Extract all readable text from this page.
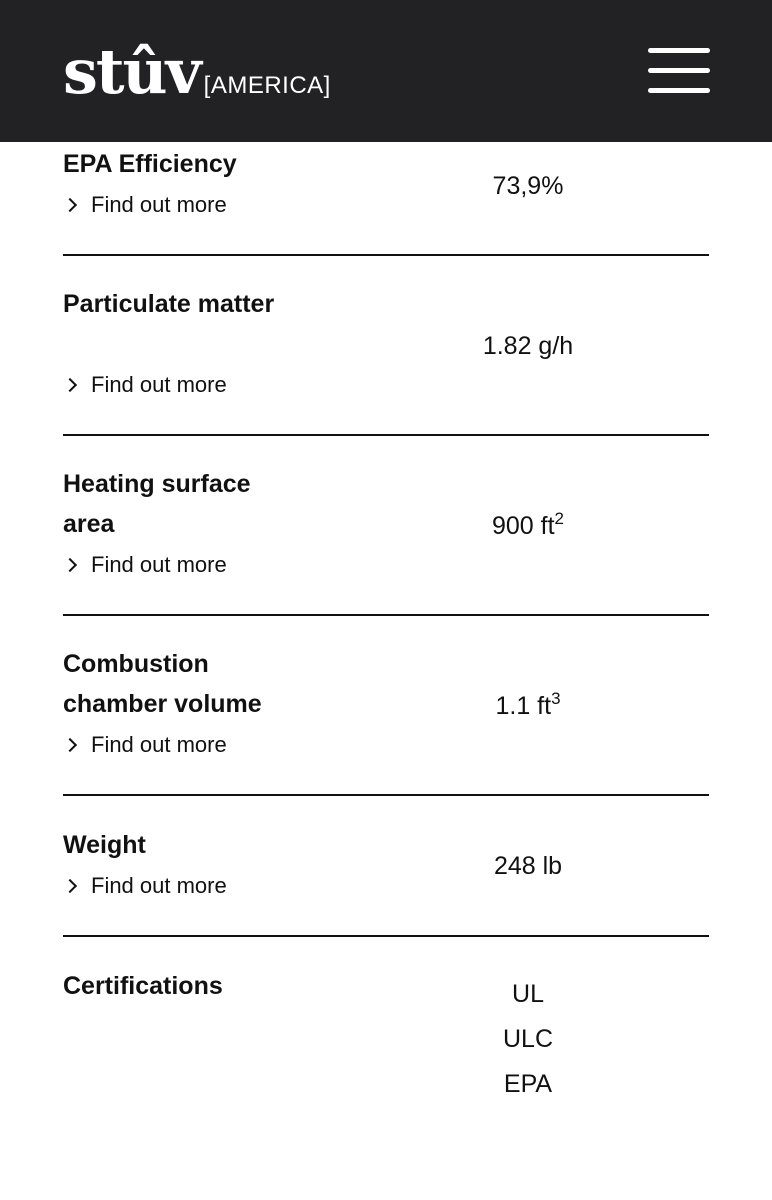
stûv [AMERICA]
EPA Efficiency
Find out more
73,9%
Particulate matter
Find out more
1.82 g/h
Heating surface area
Find out more
900 $ft^2$
Combustion chamber volume
Find out more
1.1 $ft^3$
Weight
Find out more
248 lb
Certifications	UL
ULC
EPA
